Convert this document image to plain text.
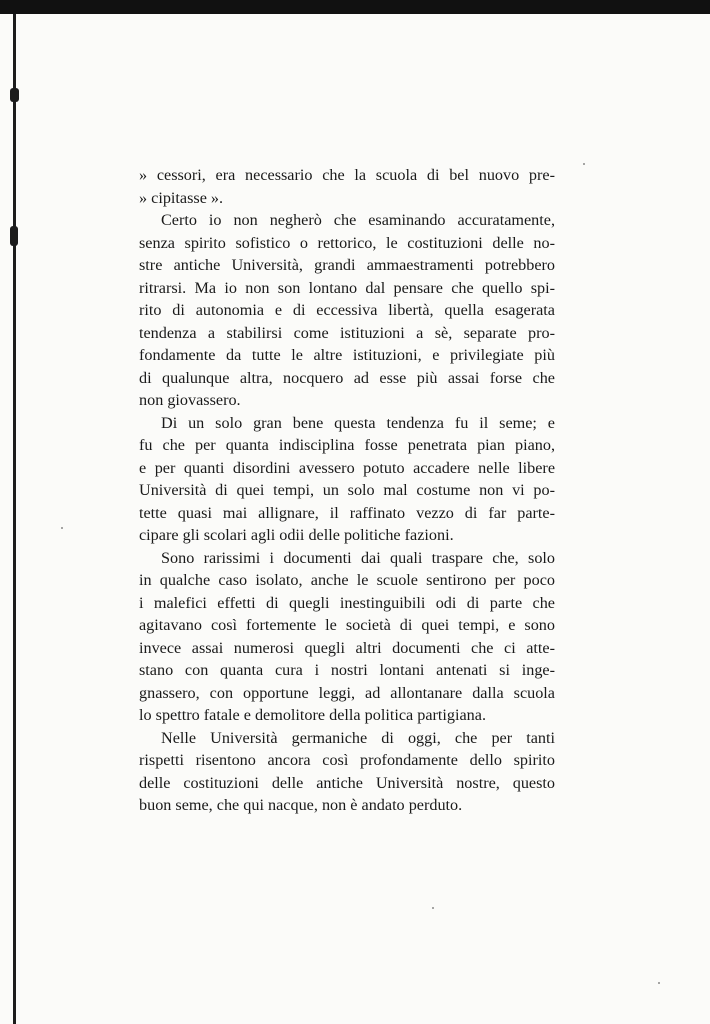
» cessori, era necessario che la scuola di bel nuovo pre-
» cipitasse ».
Certo io non negherò che esaminando accuratamente,
senza spirito sofistico o rettorico, le costituzioni delle no-
stre antiche Università, grandi ammaestramenti potrebbero
ritrarsi. Ma io non son lontano dal pensare che quello spi-
rito di autonomia e di eccessiva libertà, quella esagerata
tendenza a stabilirsi come istituzioni a sè, separate pro-
fondamente da tutte le altre istituzioni, e privilegiate più
di qualunque altra, nocquero ad esse più assai forse che
non giovassero.
Di un solo gran bene questa tendenza fu il seme; e
fu che per quanta indisciplina fosse penetrata pian piano,
e per quanti disordini avessero potuto accadere nelle libere
Università di quei tempi, un solo mal costume non vi po-
tette quasi mai allignare, il raffinato vezzo di far parte-
cipare gli scolari agli odii delle politiche fazioni.
Sono rarissimi i documenti dai quali traspare che, solo
in qualche caso isolato, anche le scuole sentirono per poco
i malefici effetti di quegli inestinguibili odi di parte che
agitavano così fortemente le società di quei tempi, e sono
invece assai numerosi quegli altri documenti che ci atte-
stano con quanta cura i nostri lontani antenati si inge-
gnassero, con opportune leggi, ad allontanare dalla scuola
lo spettro fatale e demolitore della politica partigiana.
Nelle Università germaniche di oggi, che per tanti
rispetti risentono ancora così profondamente dello spirito
delle costituzioni delle antiche Università nostre, questo
buon seme, che qui nacque, non è andato perduto.
